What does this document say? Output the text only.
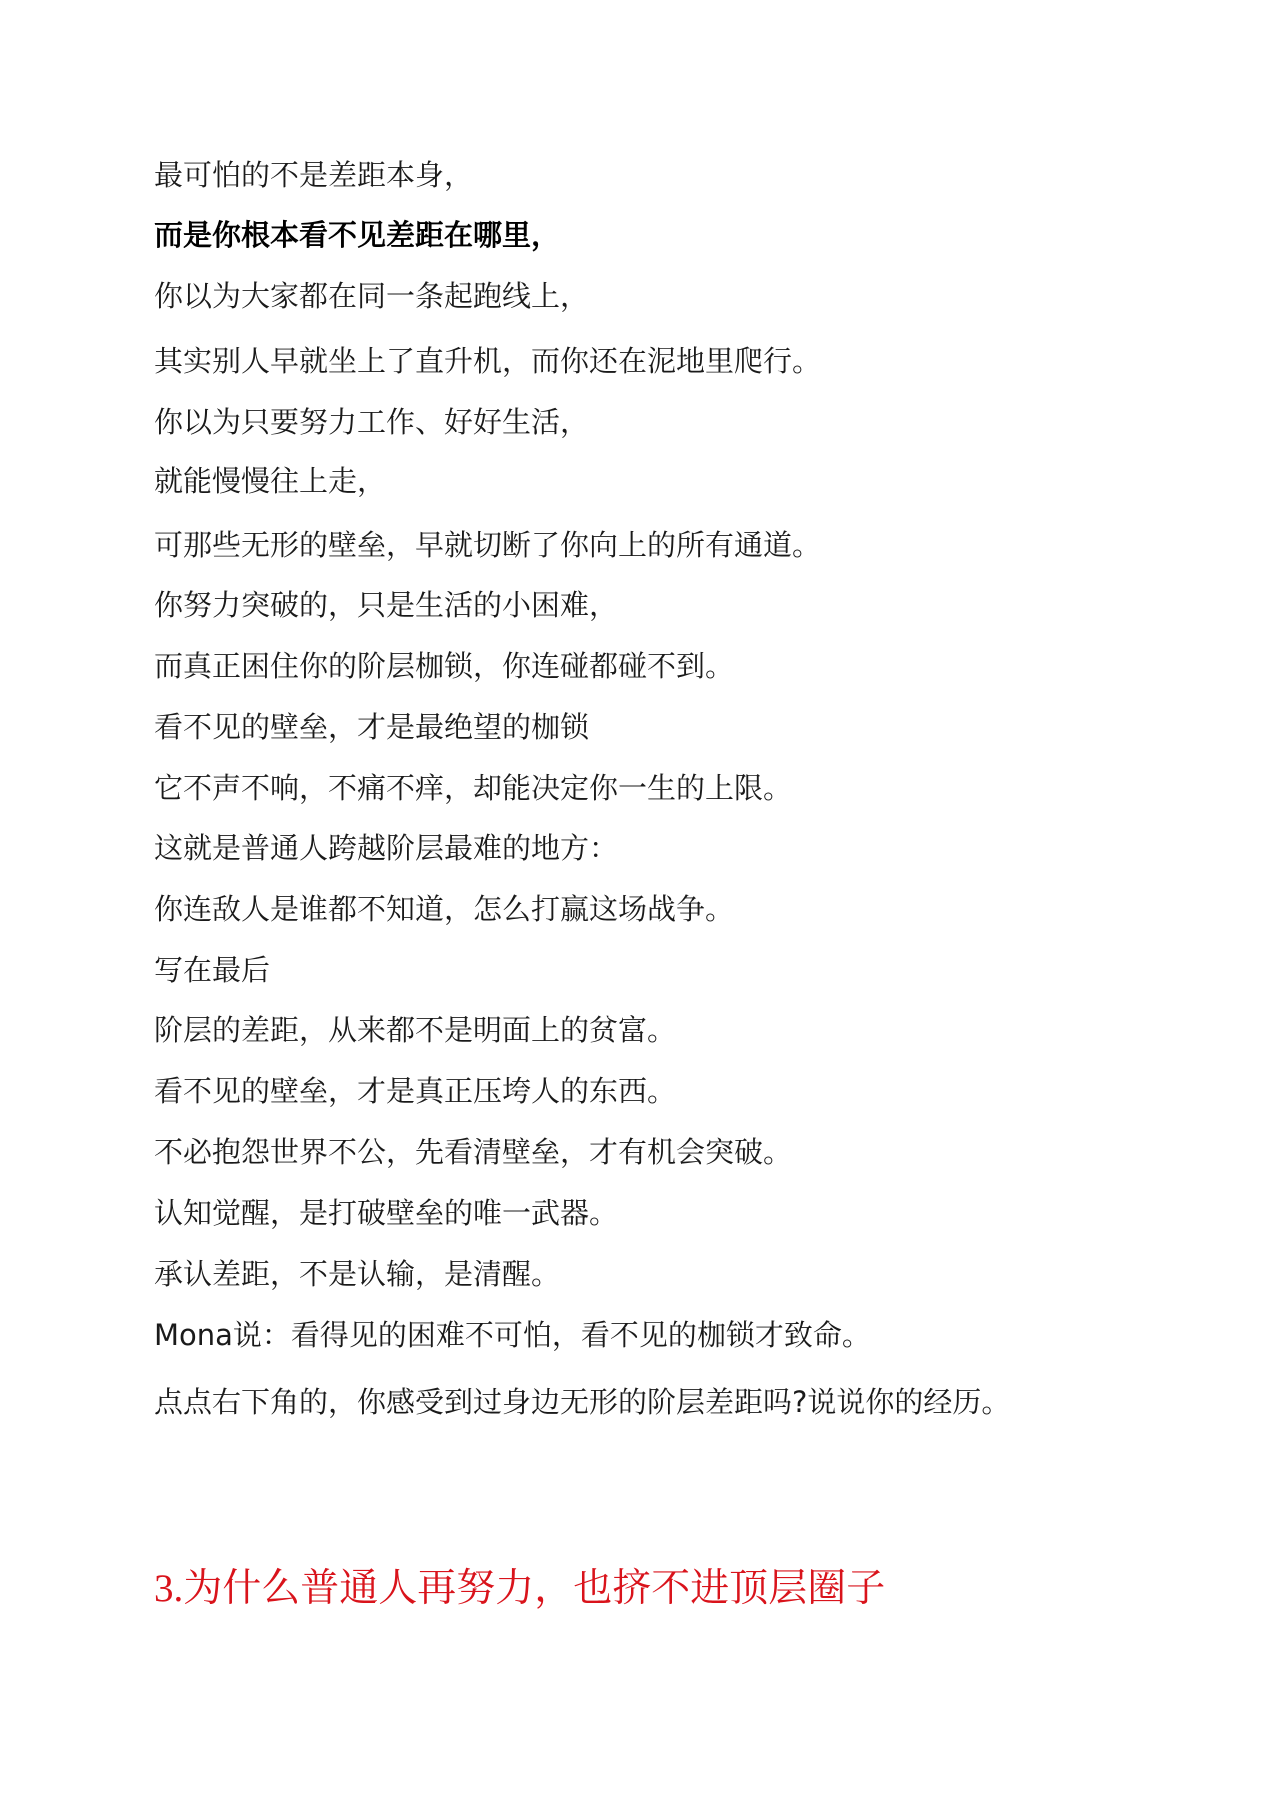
最可怕的不是差距本身，
而是你根本看不见差距在哪里，
你以为大家都在同一条起跑线上，
其实别人早就坐上了直升机，而你还在泥地里爬行。
你以为只要努力工作、好好生活，
就能慢慢往上走，
可那些无形的壁垒，早就切断了你向上的所有通道。
你努力突破的，只是生活的小困难，
而真正困住你的阶层枷锁，你连碰都碰不到。
看不见的壁垒，才是最绝望的枷锁
它不声不响，不痛不痒，却能决定你一生的上限。
这就是普通人跨越阶层最难的地方：
你连敌人是谁都不知道，怎么打赢这场战争。
写在最后
阶层的差距，从来都不是明面上的贫富。
看不见的壁垒，才是真正压垮人的东西。
不必抱怨世界不公，先看清壁垒，才有机会突破。
认知觉醒，是打破壁垒的唯一武器。
承认差距，不是认输，是清醒。
Mona说：看得见的困难不可怕，看不见的枷锁才致命。
点点右下角的，你感受到过身边无形的阶层差距吗?说说你的经历。
3.为什么普通人再努力，也挤不进顶层圈子
